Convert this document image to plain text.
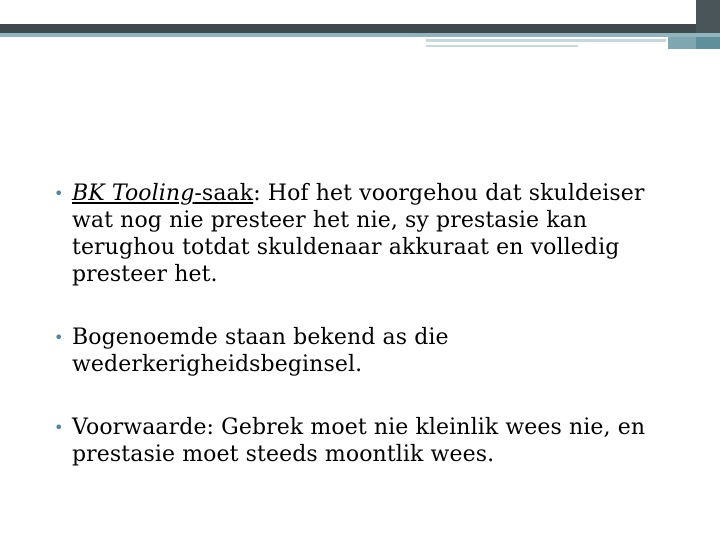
• BK Tooling-saak: Hof het voorgehou dat skuldeiser wat nog nie presteer het nie, sy prestasie kan terughou totdat skuldenaar akkuraat en volledig presteer het.
• Bogenoemde staan bekend as die wederkerigheidsbeginsel.
• Voorwaarde: Gebrek moet nie kleinlik wees nie, en prestasie moet steeds moontlik wees.
